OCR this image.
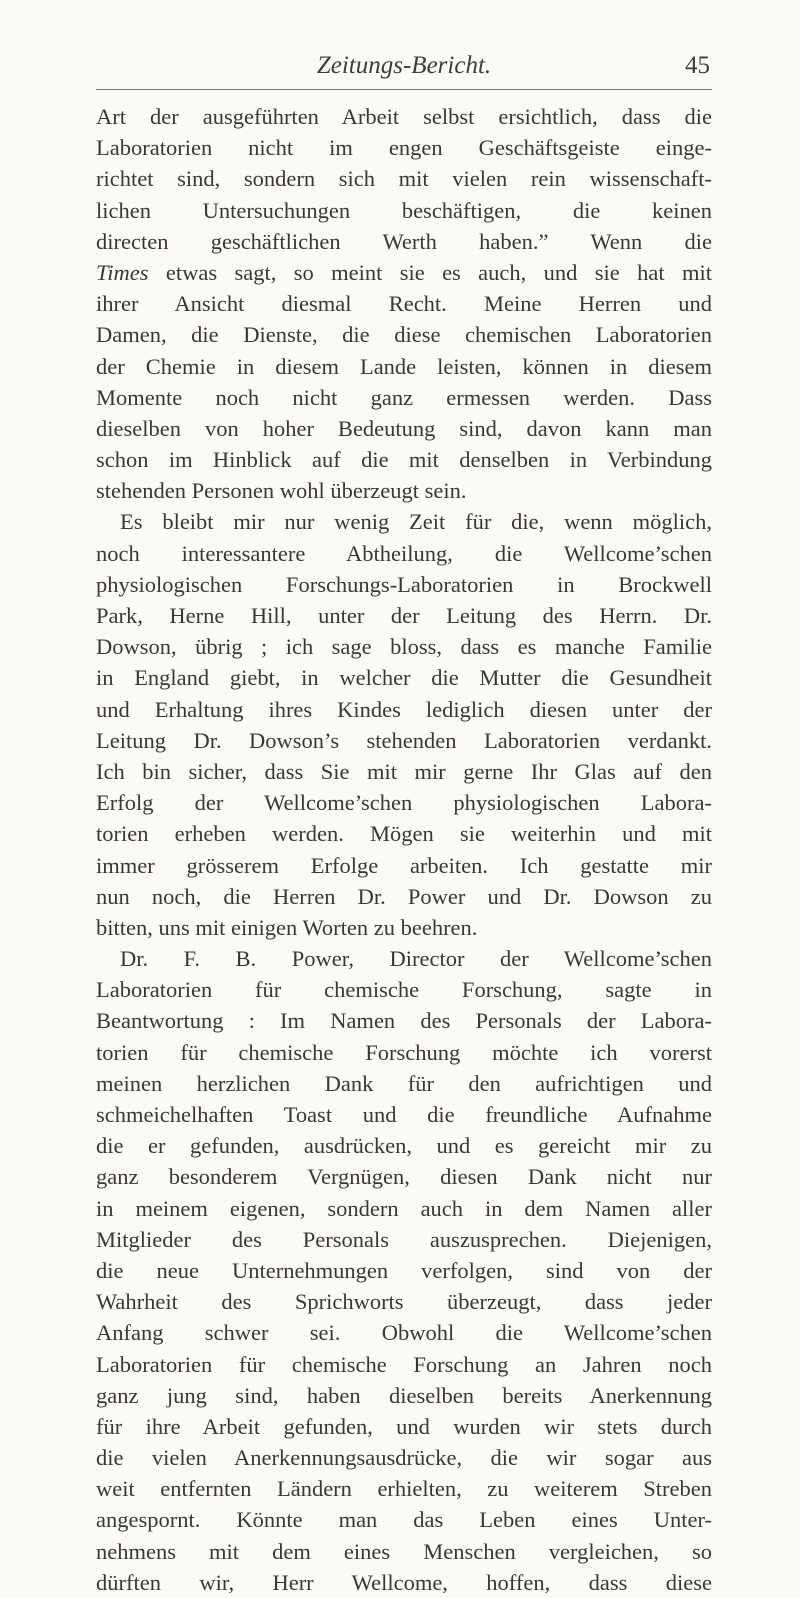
Zeitungs-Bericht.	45
Art der ausgeführten Arbeit selbst ersichtlich, dass die
Laboratorien nicht im engen Geschäftsgeiste einge-
richtet sind, sondern sich mit vielen rein wissenschaft-
lichen Untersuchungen beschäftigen, die keinen
directen geschäftlichen Werth haben.” Wenn die
Times etwas sagt, so meint sie es auch, und sie hat mit
ihrer Ansicht diesmal Recht. Meine Herren und
Damen, die Dienste, die diese chemischen Laboratorien
der Chemie in diesem Lande leisten, können in diesem
Momente noch nicht ganz ermessen werden. Dass
dieselben von hoher Bedeutung sind, davon kann man
schon im Hinblick auf die mit denselben in Verbindung
stehenden Personen wohl überzeugt sein.
Es bleibt mir nur wenig Zeit für die, wenn möglich,
noch interessantere Abtheilung, die Wellcome’schen
physiologischen Forschungs-Laboratorien in Brockwell
Park, Herne Hill, unter der Leitung des Herrn. Dr.
Dowson, übrig ; ich sage bloss, dass es manche Familie
in England giebt, in welcher die Mutter die Gesundheit
und Erhaltung ihres Kindes lediglich diesen unter der
Leitung Dr. Dowson’s stehenden Laboratorien verdankt.
Ich bin sicher, dass Sie mit mir gerne Ihr Glas auf den
Erfolg der Wellcome’schen physiologischen Labora-
torien erheben werden. Mögen sie weiterhin und mit
immer grösserem Erfolge arbeiten. Ich gestatte mir
nun noch, die Herren Dr. Power und Dr. Dowson zu
bitten, uns mit einigen Worten zu beehren.
Dr. F. B. Power, Director der Wellcome’schen
Laboratorien für chemische Forschung, sagte in
Beantwortung : Im Namen des Personals der Labora-
torien für chemische Forschung möchte ich vorerst
meinen herzlichen Dank für den aufrichtigen und
schmeichelhaften Toast und die freundliche Aufnahme
die er gefunden, ausdrücken, und es gereicht mir zu
ganz besonderem Vergnügen, diesen Dank nicht nur
in meinem eigenen, sondern auch in dem Namen aller
Mitglieder des Personals auszusprechen. Diejenigen,
die neue Unternehmungen verfolgen, sind von der
Wahrheit des Sprichworts überzeugt, dass jeder
Anfang schwer sei. Obwohl die Wellcome’schen
Laboratorien für chemische Forschung an Jahren noch
ganz jung sind, haben dieselben bereits Anerkennung
für ihre Arbeit gefunden, und wurden wir stets durch
die vielen Anerkennungsausdrücke, die wir sogar aus
weit entfernten Ländern erhielten, zu weiterem Streben
angespornt. Könnte man das Leben eines Unter-
nehmens mit dem eines Menschen vergleichen, so
dürften wir, Herr Wellcome, hoffen, dass diese
